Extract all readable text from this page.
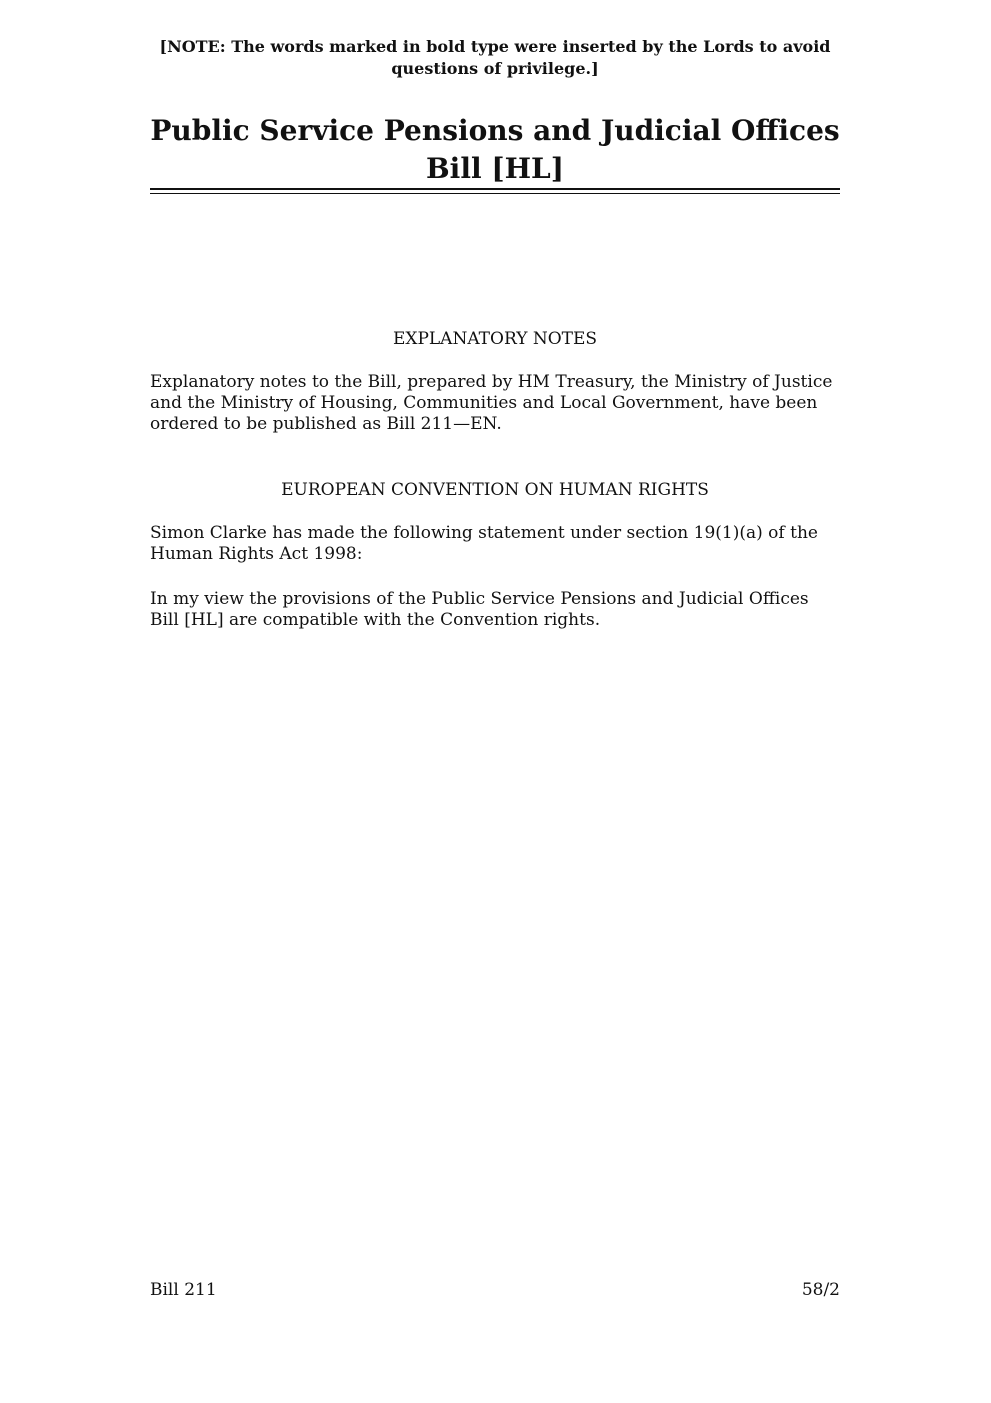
[NOTE: The words marked in bold type were inserted by the Lords to avoid questions of privilege.]
Public Service Pensions and Judicial Offices Bill [HL]
EXPLANATORY NOTES
Explanatory notes to the Bill, prepared by HM Treasury, the Ministry of Justice and the Ministry of Housing, Communities and Local Government, have been ordered to be published as Bill 211—EN.
EUROPEAN CONVENTION ON HUMAN RIGHTS
Simon Clarke has made the following statement under section 19(1)(a) of the Human Rights Act 1998:
In my view the provisions of the Public Service Pensions and Judicial Offices Bill [HL] are compatible with the Convention rights.
Bill 211	58/2
